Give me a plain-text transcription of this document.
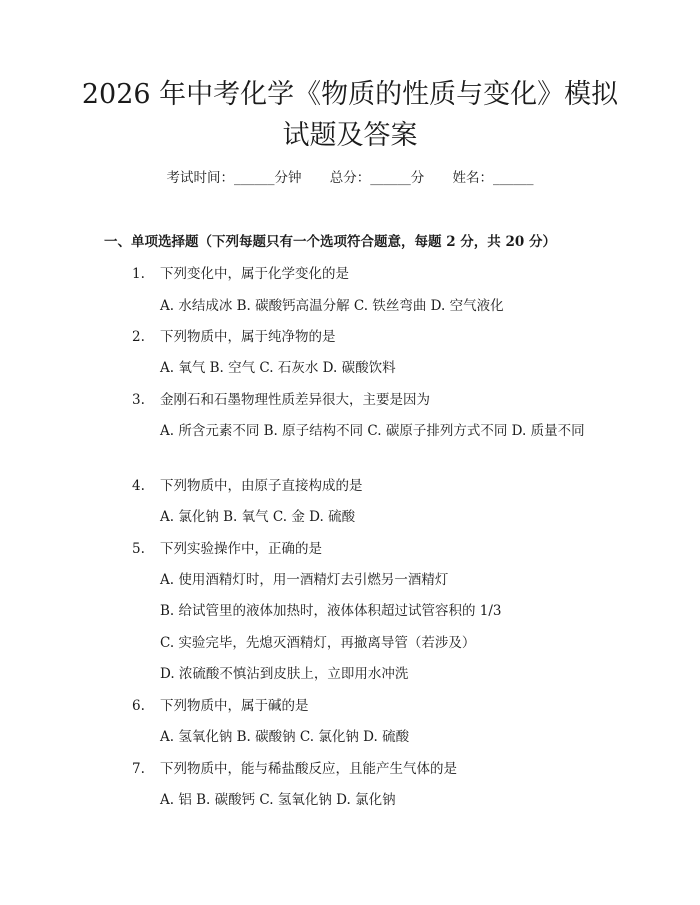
2026 年中考化学《物质的性质与变化》模拟
试题及答案
考试时间：______分钟 总分：______分 姓名：______
一、单项选择题（下列每题只有一个选项符合题意，每题 2 分，共 20 分）
1. 下列变化中，属于化学变化的是
A. 水结成冰 B. 碳酸钙高温分解 C. 铁丝弯曲 D. 空气液化
2. 下列物质中，属于纯净物的是
A. 氧气 B. 空气 C. 石灰水 D. 碳酸饮料
3. 金刚石和石墨物理性质差异很大，主要是因为
A. 所含元素不同 B. 原子结构不同 C. 碳原子排列方式不同 D. 质量不同
4. 下列物质中，由原子直接构成的是
A. 氯化钠 B. 氧气 C. 金 D. 硫酸
5. 下列实验操作中，正确的是
A. 使用酒精灯时，用一酒精灯去引燃另一酒精灯
B. 给试管里的液体加热时，液体体积超过试管容积的 1/3
C. 实验完毕，先熄灭酒精灯，再撤离导管（若涉及）
D. 浓硫酸不慎沾到皮肤上，立即用水冲洗
6. 下列物质中，属于碱的是
A. 氢氧化钠 B. 碳酸钠 C. 氯化钠 D. 硫酸
7. 下列物质中，能与稀盐酸反应，且能产生气体的是
A. 铝 B. 碳酸钙 C. 氢氧化钠 D. 氯化钠
